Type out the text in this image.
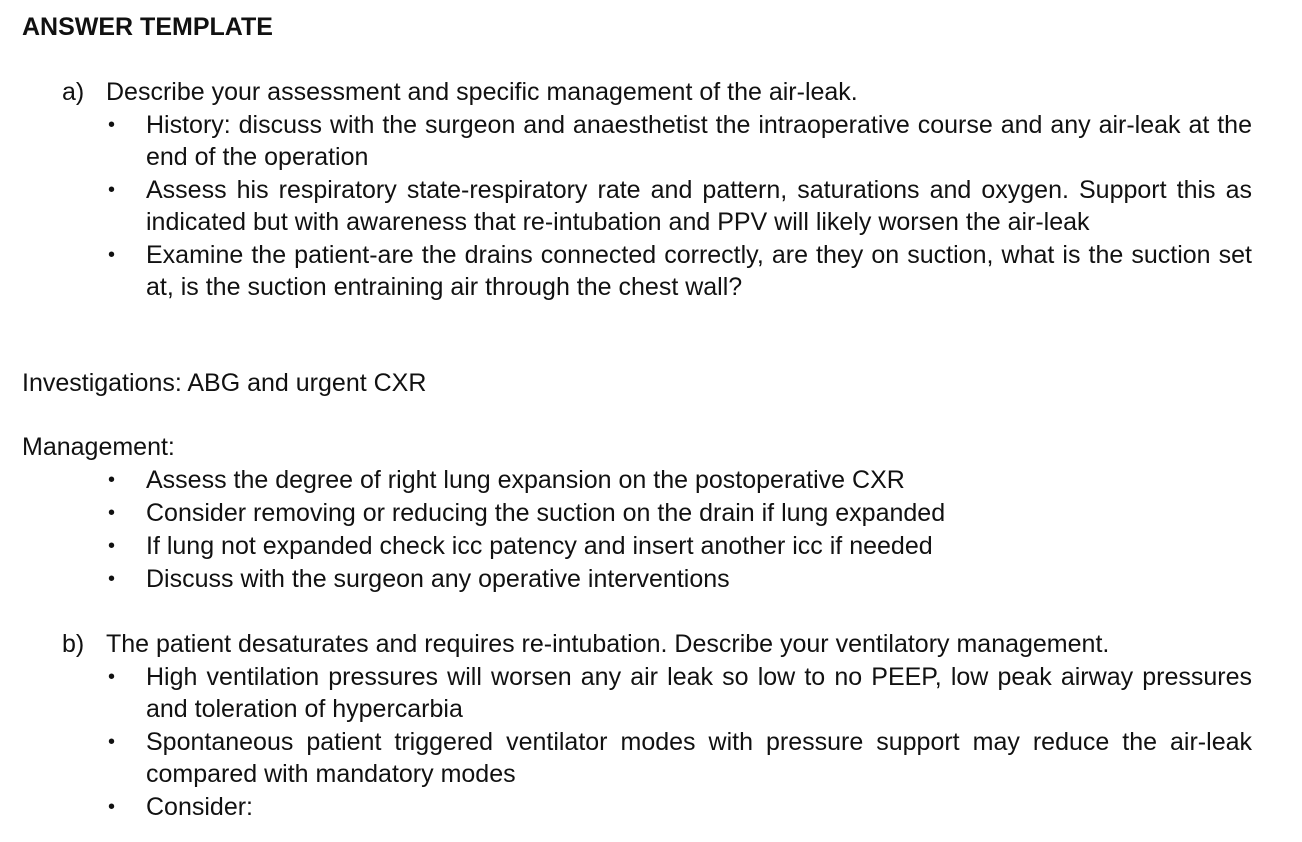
ANSWER TEMPLATE
a) Describe your assessment and specific management of the air-leak.
•	History: discuss with the surgeon and anaesthetist the intraoperative course and any air-leak at the end of the operation
•	Assess his respiratory state-respiratory rate and pattern, saturations and oxygen. Support this as indicated but with awareness that re-intubation and PPV will likely worsen the air-leak
•	Examine the patient-are the drains connected correctly, are they on suction, what is the suction set at, is the suction entraining air through the chest wall?
Investigations: ABG and urgent CXR
Management:
•	Assess the degree of right lung expansion on the postoperative CXR
•	Consider removing or reducing the suction on the drain if lung expanded
•	If lung not expanded check icc patency and insert another icc if needed
•	Discuss with the surgeon any operative interventions
b) The patient desaturates and requires re-intubation. Describe your ventilatory management.
•	High ventilation pressures will worsen any air leak so low to no PEEP, low peak airway pressures and toleration of hypercarbia
•	Spontaneous patient triggered ventilator modes with pressure support may reduce the air-leak compared with mandatory modes
•	Consider:
